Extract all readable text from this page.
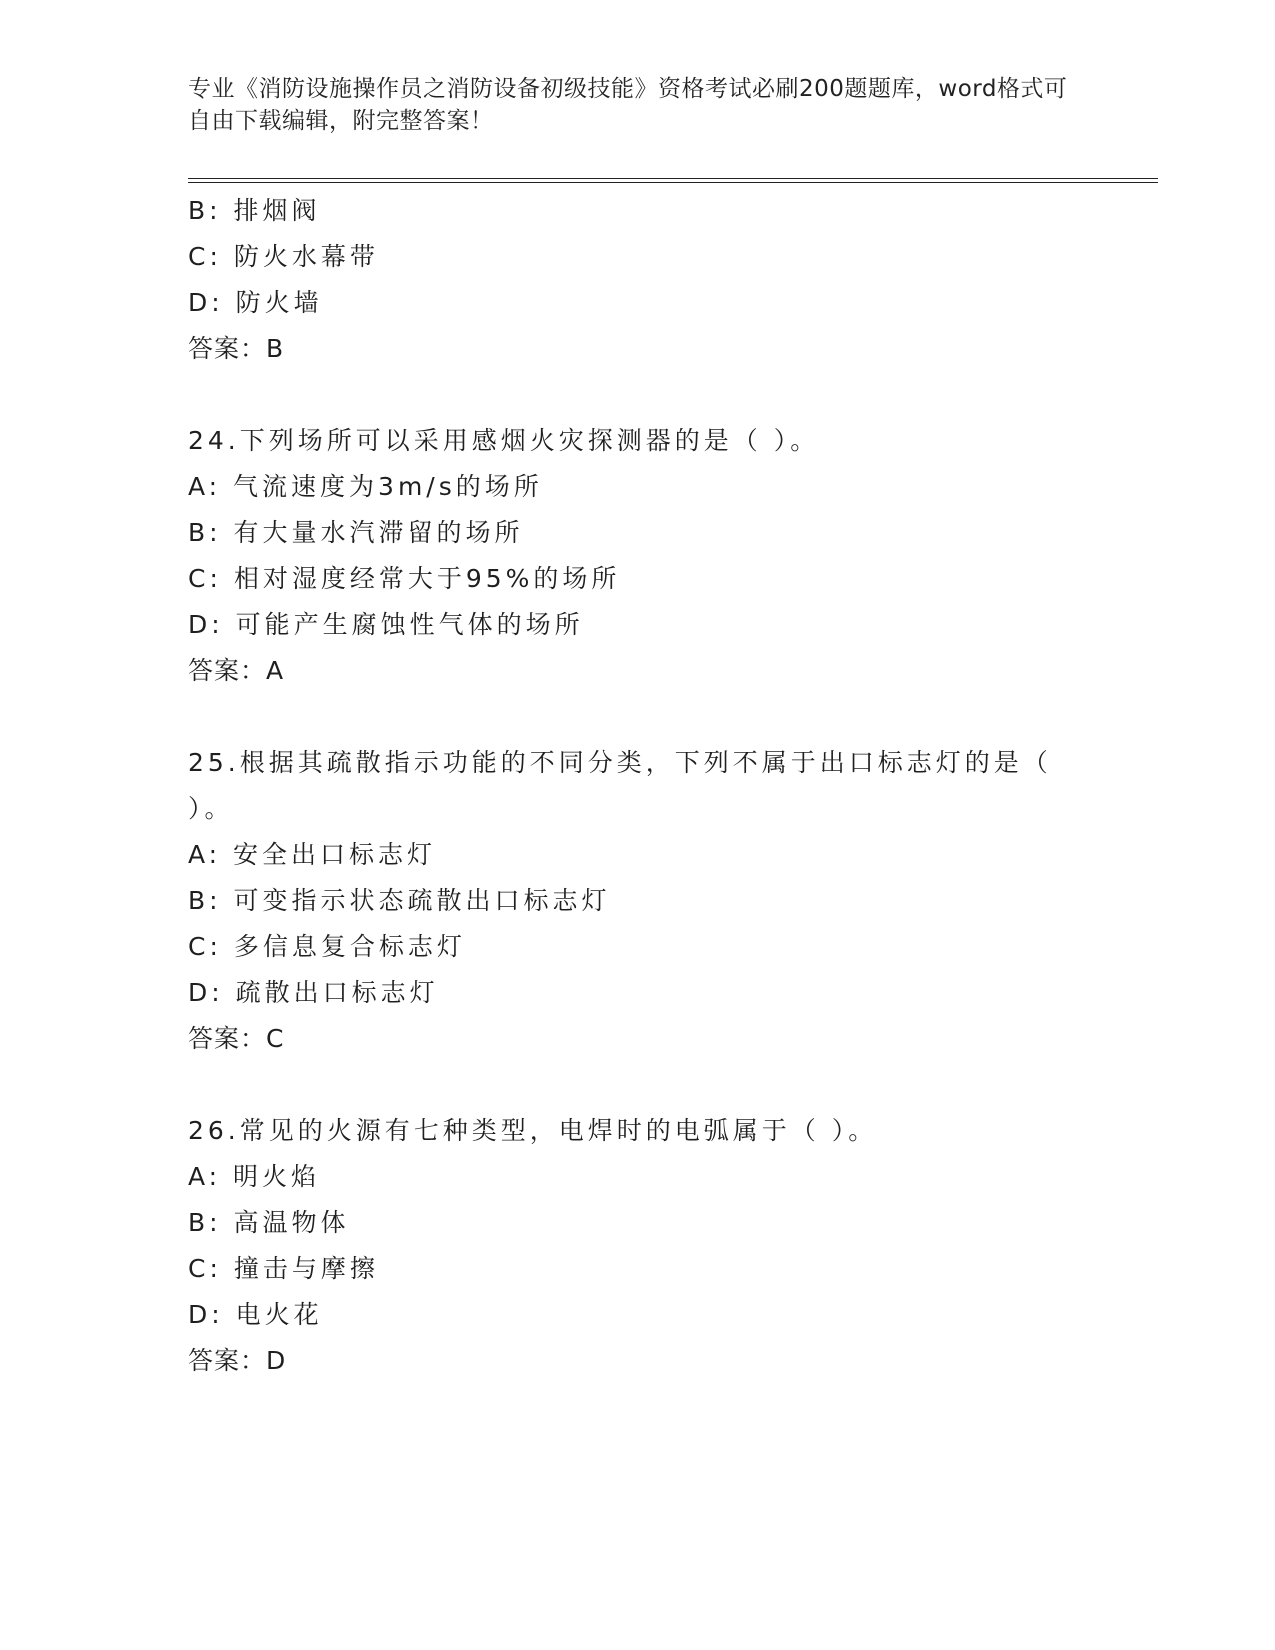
专业《消防设施操作员之消防设备初级技能》资格考试必刷200题题库，word格式可自由下载编辑，附完整答案！
B: 排烟阀
C: 防火水幕带
D: 防火墙
答案：B
24.下列场所可以采用感烟火灾探测器的是（ ）。
A: 气流速度为3m/s的场所
B: 有大量水汽滞留的场所
C: 相对湿度经常大于95%的场所
D: 可能产生腐蚀性气体的场所
答案：A
25.根据其疏散指示功能的不同分类，下列不属于出口标志灯的是（
）。
A: 安全出口标志灯
B: 可变指示状态疏散出口标志灯
C: 多信息复合标志灯
D: 疏散出口标志灯
答案：C
26.常见的火源有七种类型，电焊时的电弧属于（ ）。
A: 明火焰
B: 高温物体
C: 撞击与摩擦
D: 电火花
答案：D
